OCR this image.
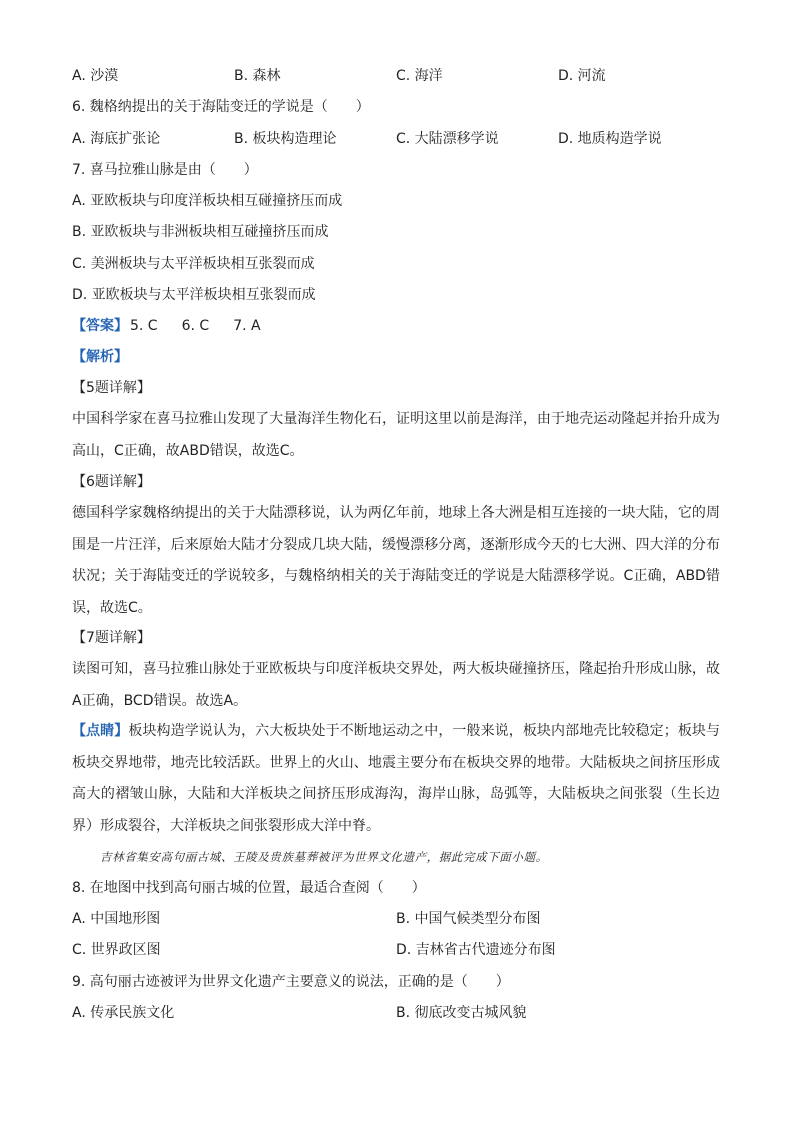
A. 沙漠	B. 森林	C. 海洋	D. 河流
6. 魏格纳提出的关于海陆变迁的学说是（　　）
A. 海底扩张论	B. 板块构造理论	C. 大陆漂移学说	D. 地质构造学说
7. 喜马拉雅山脉是由（　　）
A. 亚欧板块与印度洋板块相互碰撞挤压而成
B. 亚欧板块与非洲板块相互碰撞挤压而成
C. 美洲板块与太平洋板块相互张裂而成
D. 亚欧板块与太平洋板块相互张裂而成
【答案】 5. C 6. C 7. A
【解析】
【5题详解】
中国科学家在喜马拉雅山发现了大量海洋生物化石，证明这里以前是海洋，由于地壳运动隆起并抬升成为高山，C正确，故ABD错误，故选C。
【6题详解】
德国科学家魏格纳提出的关于大陆漂移说，认为两亿年前，地球上各大洲是相互连接的一块大陆，它的周围是一片汪洋，后来原始大陆才分裂成几块大陆，缓慢漂移分离，逐渐形成今天的七大洲、四大洋的分布状况；关于海陆变迁的学说较多，与魏格纳相关的关于海陆变迁的学说是大陆漂移学说。C正确，ABD错误，故选C。
【7题详解】
读图可知，喜马拉雅山脉处于亚欧板块与印度洋板块交界处，两大板块碰撞挤压，隆起抬升形成山脉，故A正确，BCD错误。故选A。
【点睛】板块构造学说认为，六大板块处于不断地运动之中，一般来说，板块内部地壳比较稳定；板块与板块交界地带，地壳比较活跃。世界上的火山、地震主要分布在板块交界的地带。大陆板块之间挤压形成高大的褶皱山脉，大陆和大洋板块之间挤压形成海沟，海岸山脉，岛弧等，大陆板块之间张裂（生长边界）形成裂谷，大洋板块之间张裂形成大洋中脊。
吉林省集安高句丽古城、王陵及贵族墓葬被评为世界文化遗产，据此完成下面小题。
8. 在地图中找到高句丽古城的位置，最适合查阅（　　）
A. 中国地形图	B. 中国气候类型分布图
C. 世界政区图	D. 吉林省古代遗迹分布图
9. 高句丽古迹被评为世界文化遗产主要意义的说法，正确的是（　　）
A. 传承民族文化	B. 彻底改变古城风貌
